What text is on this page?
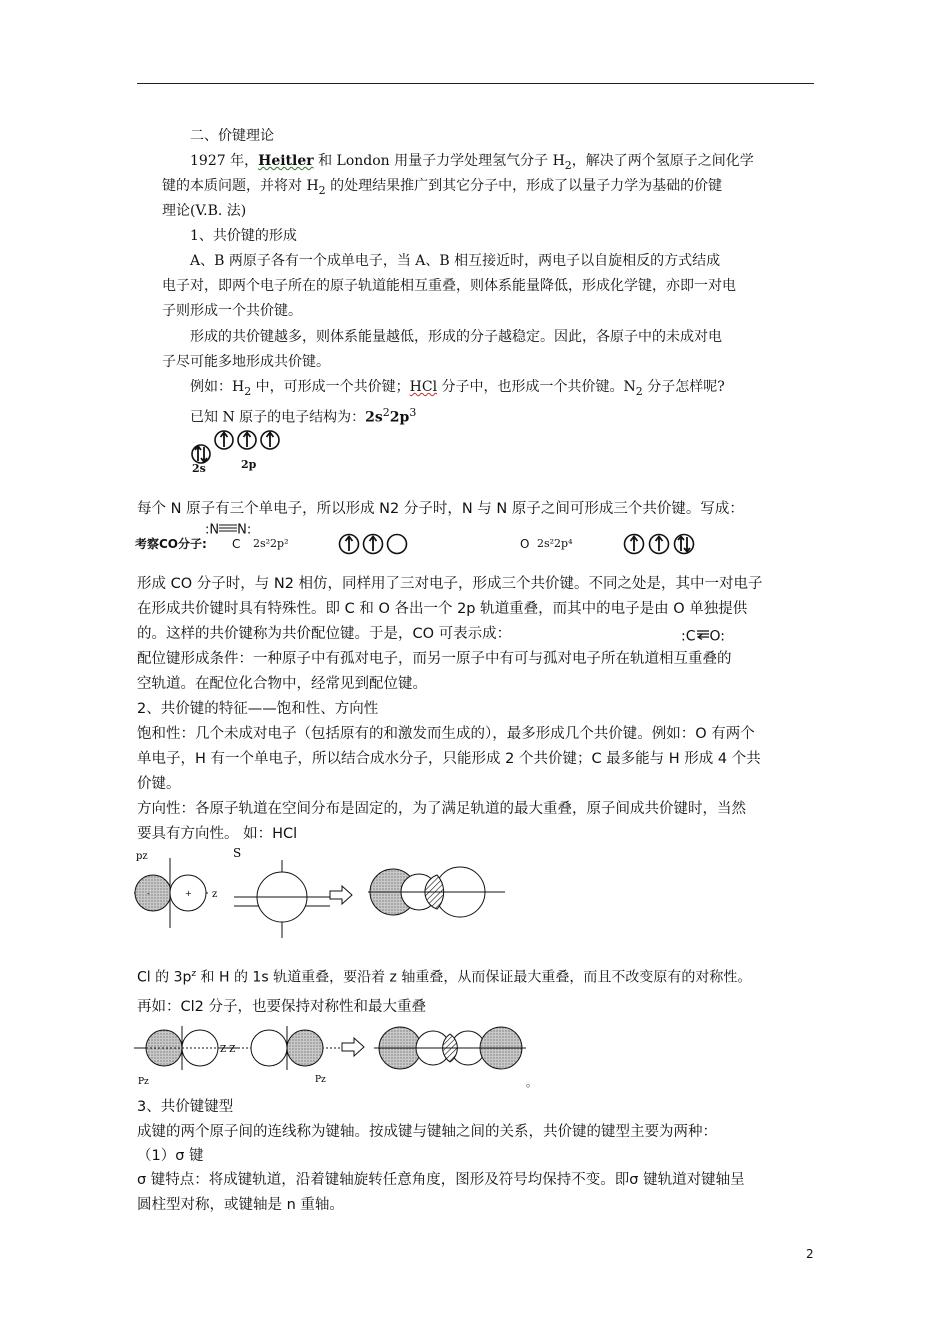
二、价键理论
1927 年，Heitler 和 London 用量子力学处理氢气分子 $H_2$，解决了两个氢原子之间化学
键的本质问题，并将对 $H_2$ 的处理结果推广到其它分子中，形成了以量子力学为基础的价键
理论(V.B. 法)
1、共价键的形成
A、B 两原子各有一个成单电子，当 A、B 相互接近时，两电子以自旋相反的方式结成
电子对，即两个电子所在的原子轨道能相互重叠，则体系能量降低，形成化学键，亦即一对电
子则形成一个共价键。
形成的共价键越多，则体系能量越低，形成的分子越稳定。因此，各原子中的未成对电
子尽可能多地形成共价键。
例如：$H_2$ 中，可形成一个共价键；HCl 分子中，也形成一个共价键。$N_2$ 分子怎样呢?
已知 N 原子的电子结构为：$2s^22p^3$
2s	2p
每个 N 原子有三个单电子，所以形成 N2 分子时，N 与 N 原子之间可形成三个共价键。写成：
:N N:
考察CO分子: C 2s²2p²	O 2s²2p⁴
形成 CO 分子时，与 N2 相仿，同样用了三对电子，形成三个共价键。不同之处是，其中一对电子
在形成共价键时具有特殊性。即 C 和 O 各出一个 2p 轨道重叠，而其中的电子是由 O 单独提供
的。这样的共价键称为共价配位键。于是，CO 可表示成：	:C O:
配位键形成条件：一种原子中有孤对电子，而另一原子中有可与孤对电子所在轨道相互重叠的
空轨道。在配位化合物中，经常见到配位键。
2、共价键的特征——饱和性、方向性
饱和性：几个未成对电子（包括原有的和激发而生成的），最多形成几个共价键。例如：O 有两个
单电子，H 有一个单电子，所以结合成水分子，只能形成 2 个共价键；C 最多能与 H 形成 4 个共
价键。
方向性：各原子轨道在空间分布是固定的，为了满足轨道的最大重叠，原子间成共价键时，当然
要具有方向性。 如：HCl
pz	S
-	+ z
Cl 的 $3p^z$ 和 H 的 1s 轨道重叠，要沿着 z 轴重叠，从而保证最大重叠，而且不改变原有的对称性。
再如：Cl2 分子，也要保持对称性和最大重叠
Z Z
Pz	Pz	。
3、共价键键型
成键的两个原子间的连线称为键轴。按成键与键轴之间的关系，共价键的键型主要为两种：
（1）σ 键
σ 键特点：将成键轨道，沿着键轴旋转任意角度，图形及符号均保持不变。即σ 键轨道对键轴呈
圆柱型对称，或键轴是 n 重轴。
2
